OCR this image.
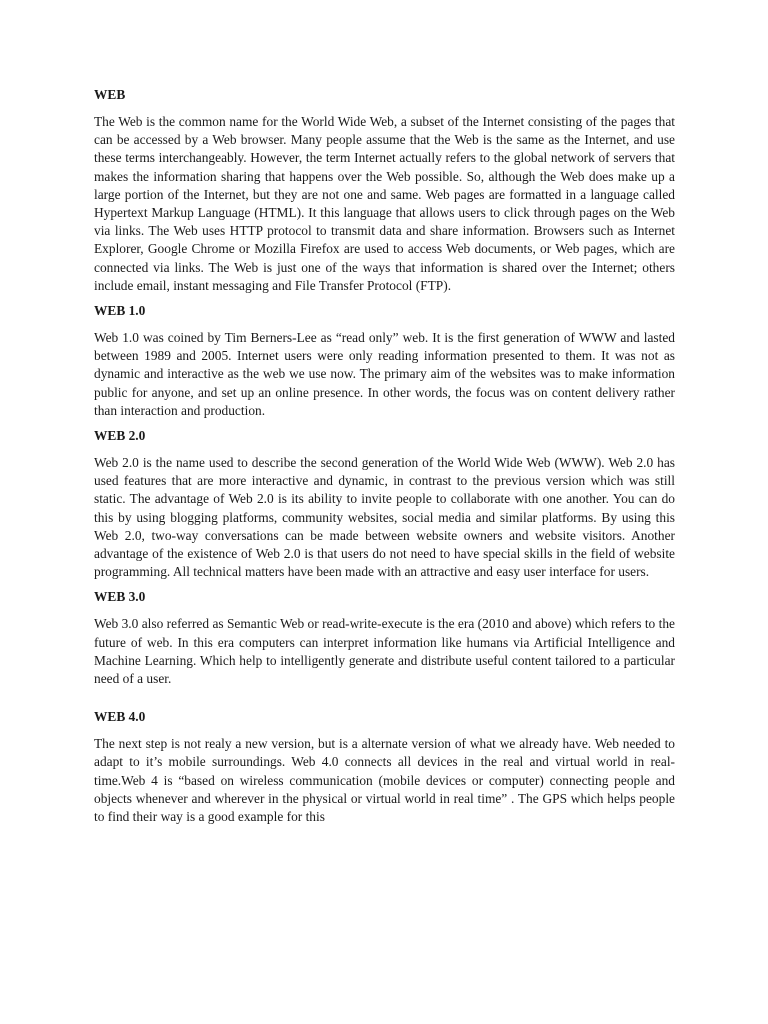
WEB

The Web is the common name for the World Wide Web, a subset of the Internet consisting of the pages that can be accessed by a Web browser. Many people assume that the Web is the same as the Internet, and use these terms interchangeably. However, the term Internet actually refers to the global network of servers that makes the information sharing that happens over the Web possible. So, although the Web does make up a large portion of the Internet, but they are not one and same. Web pages are formatted in a language called Hypertext Markup Language (HTML). It this language that allows users to click through pages on the Web via links. The Web uses HTTP protocol to transmit data and share information. Browsers such as Internet Explorer, Google Chrome or Mozilla Firefox are used to access Web documents, or Web pages, which are connected via links. The Web is just one of the ways that information is shared over the Internet; others include email, instant messaging and File Transfer Protocol (FTP).

WEB 1.0

Web 1.0 was coined by Tim Berners-Lee as “read only” web. It is the first generation of WWW and lasted between 1989 and 2005. Internet users were only reading information presented to them. It was not as dynamic and interactive as the web we use now. The primary aim of the websites was to make information public for anyone, and set up an online presence. In other words, the focus was on content delivery rather than interaction and production.

WEB 2.0

Web 2.0 is the name used to describe the second generation of the World Wide Web (WWW). Web 2.0 has used features that are more interactive and dynamic, in contrast to the previous version which was still static. The advantage of Web 2.0 is its ability to invite people to collaborate with one another. You can do this by using blogging platforms, community websites, social media and similar platforms. By using this Web 2.0, two-way conversations can be made between website owners and website visitors. Another advantage of the existence of Web 2.0 is that users do not need to have special skills in the field of website programming. All technical matters have been made with an attractive and easy user interface for users.

WEB 3.0

Web 3.0 also referred as Semantic Web or read-write-execute is the era (2010 and above) which refers to the future of web. In this era computers can interpret information like humans via Artificial Intelligence and Machine Learning. Which help to intelligently generate and distribute useful content tailored to a particular need of a user.

WEB 4.0

The next step is not realy a new version, but is a alternate version of what we already have. Web needed to adapt to it’s mobile surroundings. Web 4.0 connects all devices in the real and virtual world in real-time.Web 4 is “based on wireless communication (mobile devices or computer) connecting people and objects whenever and wherever in the physical or virtual world in real time” . The GPS which helps people to find their way is a good example for this
